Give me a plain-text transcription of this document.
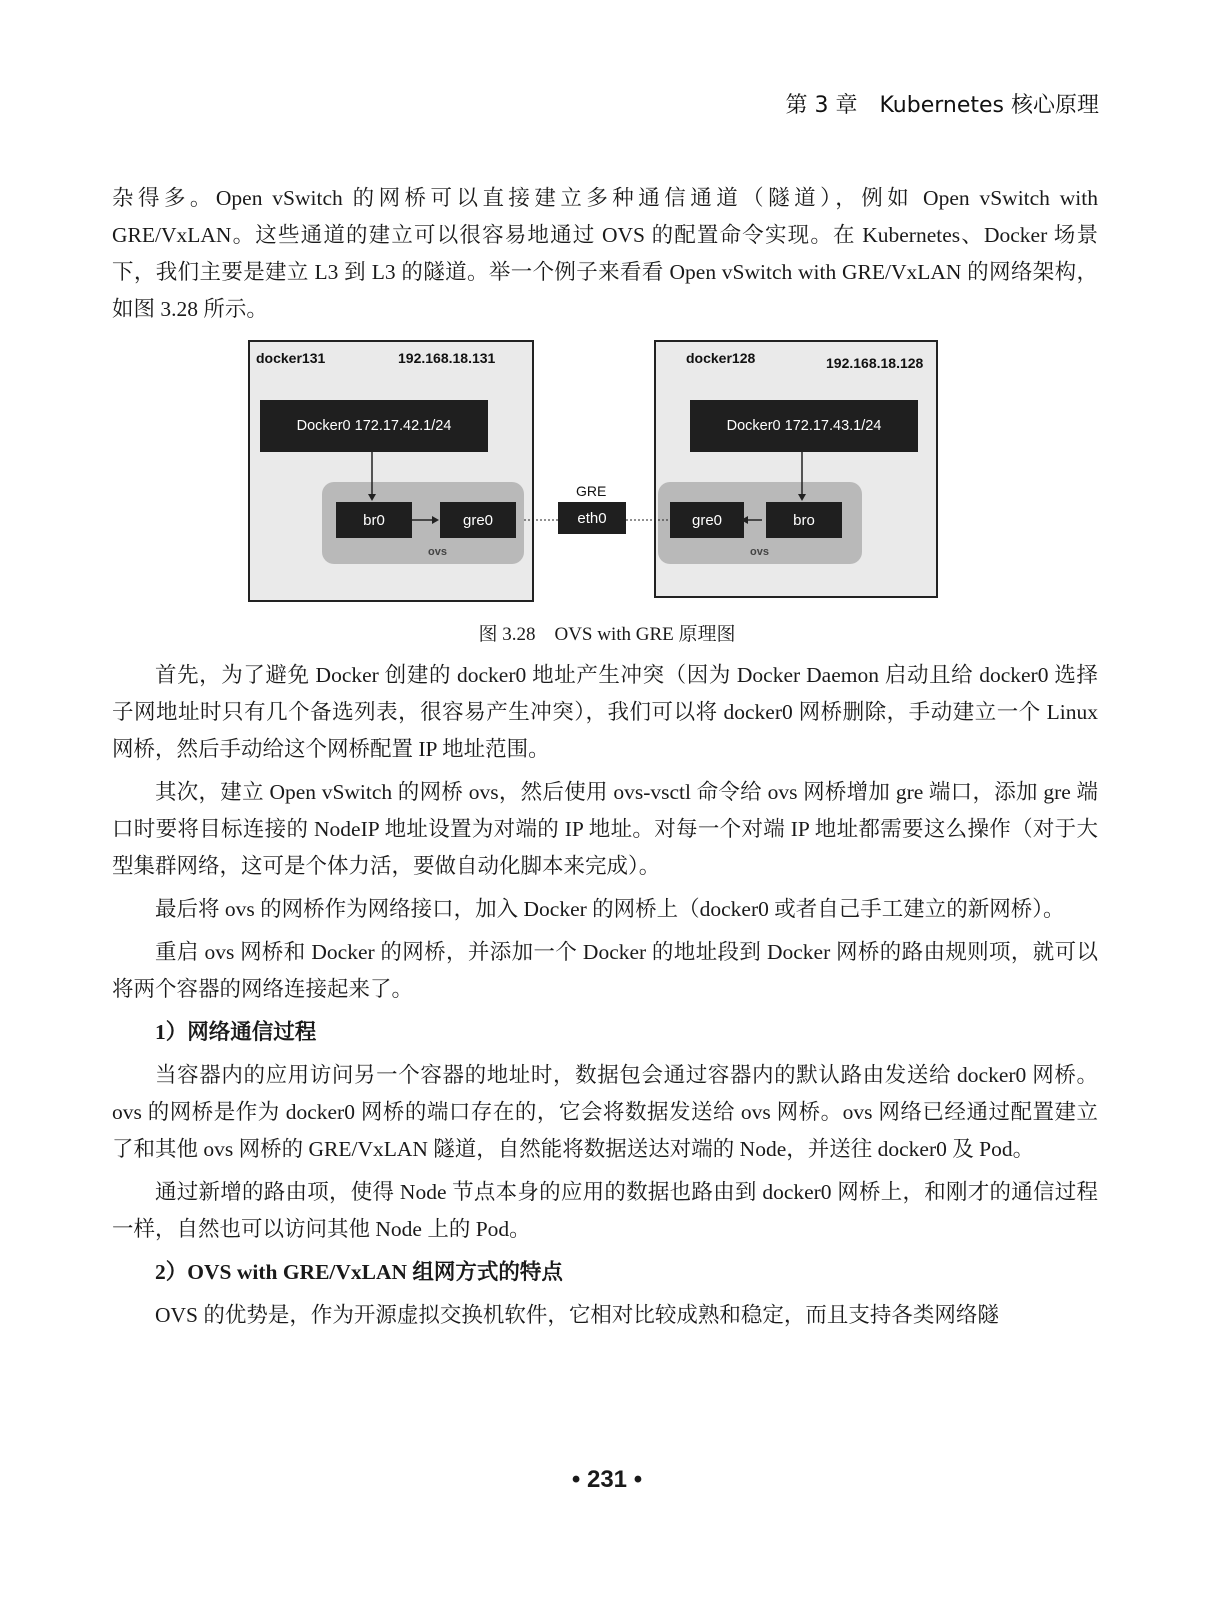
第 3 章　Kubernetes 核心原理

杂得多。Open vSwitch 的网桥可以直接建立多种通信通道（隧道），例如 Open vSwitch with GRE/VxLAN。这些通道的建立可以很容易地通过 OVS 的配置命令实现。在 Kubernetes、Docker 场景下，我们主要是建立 L3 到 L3 的隧道。举一个例子来看看 Open vSwitch with GRE/VxLAN 的网络架构，如图 3.28 所示。

docker131	192.168.18.131
Docker0 172.17.42.1/24
br0	gre0
ovs
docker128	192.168.18.128
Docker0 172.17.43.1/24
gre0	bro
ovs
GRE
eth0
图 3.28　OVS with GRE 原理图

首先，为了避免 Docker 创建的 docker0 地址产生冲突（因为 Docker Daemon 启动且给 docker0 选择子网地址时只有几个备选列表，很容易产生冲突），我们可以将 docker0 网桥删除，手动建立一个 Linux 网桥，然后手动给这个网桥配置 IP 地址范围。

其次，建立 Open vSwitch 的网桥 ovs，然后使用 ovs-vsctl 命令给 ovs 网桥增加 gre 端口，添加 gre 端口时要将目标连接的 NodeIP 地址设置为对端的 IP 地址。对每一个对端 IP 地址都需要这么操作（对于大型集群网络，这可是个体力活，要做自动化脚本来完成）。

最后将 ovs 的网桥作为网络接口，加入 Docker 的网桥上（docker0 或者自己手工建立的新网桥）。

重启 ovs 网桥和 Docker 的网桥，并添加一个 Docker 的地址段到 Docker 网桥的路由规则项，就可以将两个容器的网络连接起来了。

1）网络通信过程

当容器内的应用访问另一个容器的地址时，数据包会通过容器内的默认路由发送给 docker0 网桥。ovs 的网桥是作为 docker0 网桥的端口存在的，它会将数据发送给 ovs 网桥。ovs 网络已经通过配置建立了和其他 ovs 网桥的 GRE/VxLAN 隧道，自然能将数据送达对端的 Node，并送往 docker0 及 Pod。

通过新增的路由项，使得 Node 节点本身的应用的数据也路由到 docker0 网桥上，和刚才的通信过程一样，自然也可以访问其他 Node 上的 Pod。

2）OVS with GRE/VxLAN 组网方式的特点

OVS 的优势是，作为开源虚拟交换机软件，它相对比较成熟和稳定，而且支持各类网络隧

• 231 •
